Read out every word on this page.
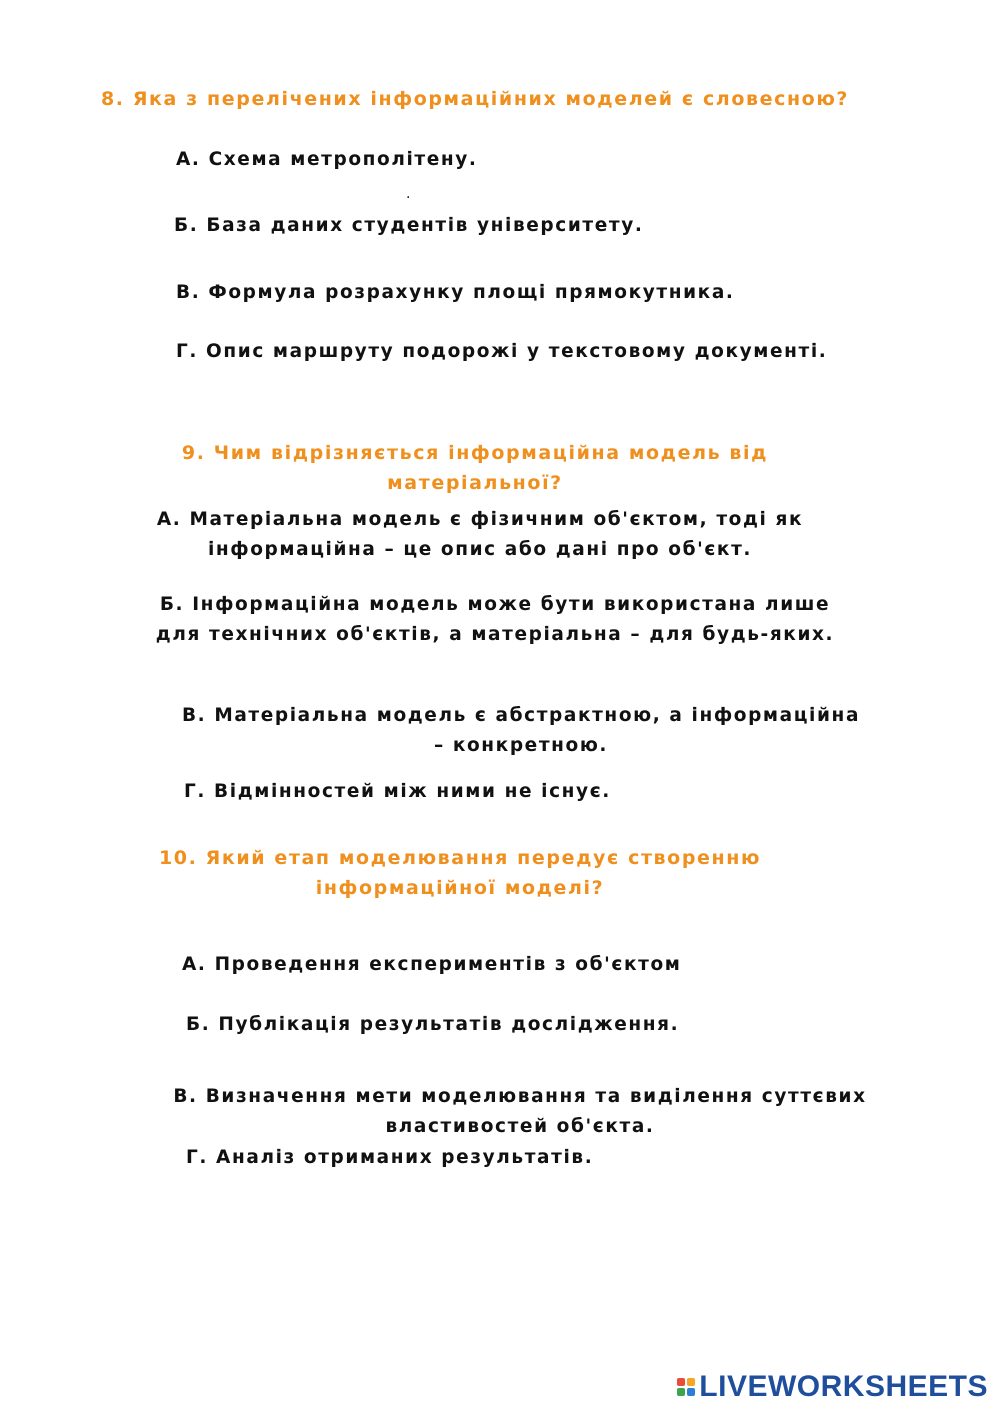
8. Яка з перелічених інформаційних моделей є словесною?
А. Схема метрополітену.
.
Б. База даних студентів університету.
В. Формула розрахунку площі прямокутника.
Г. Опис маршруту подорожі у текстовому документі.
9. Чим відрізняється інформаційна модель від матеріальної?
А. Матеріальна модель є фізичним об'єктом, тоді як інформаційна – це опис або дані про об'єкт.
Б. Інформаційна модель може бути використана лише для технічних об'єктів, а матеріальна – для будь-яких.
В. Матеріальна модель є абстрактною, а інформаційна – конкретною.
Г. Відмінностей між ними не існує.
10. Який етап моделювання передує створенню інформаційної моделі?
А. Проведення експериментів з об'єктом
Б. Публікація результатів дослідження.
В. Визначення мети моделювання та виділення суттєвих властивостей об'єкта.
Г. Аналіз отриманих результатів.
LIVEWORKSHEETS
